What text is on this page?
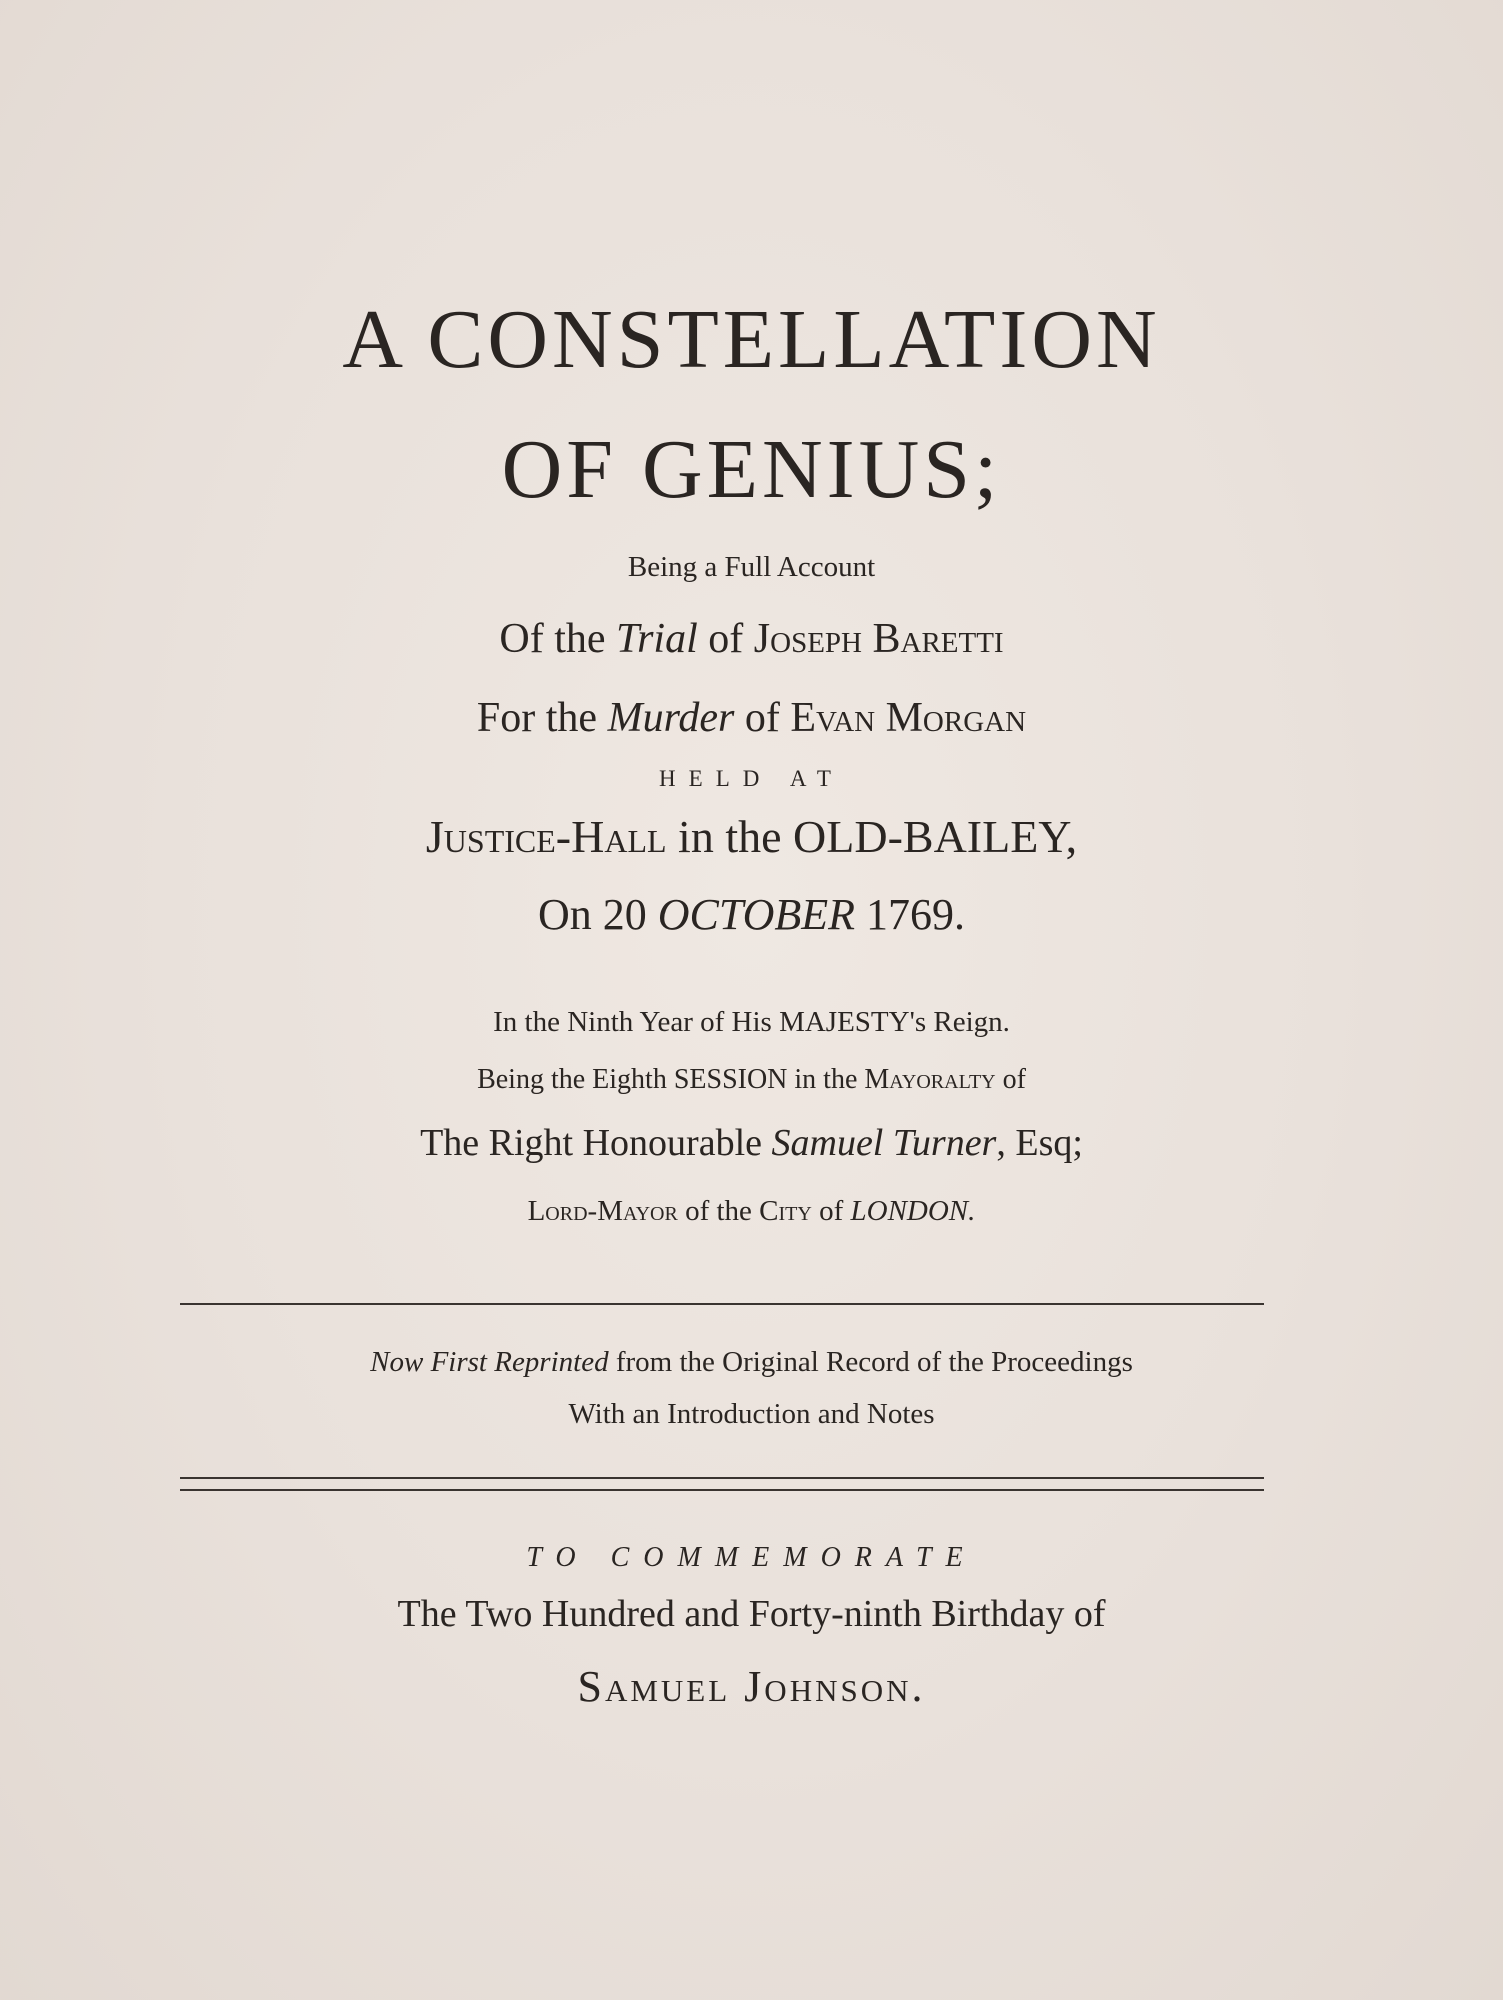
A CONSTELLATION
OF GENIUS;
Being a Full Account
Of the Trial of Joseph Baretti
For the Murder of Evan Morgan
HELD AT
Justice-Hall in the OLD-BAILEY,
On 20 OCTOBER 1769.
In the Ninth Year of His MAJESTY's Reign.
Being the Eighth SESSION in the Mayoralty of
The Right Honourable Samuel Turner, Esq;
Lord-Mayor of the City of LONDON.
Now First Reprinted from the Original Record of the Proceedings
With an Introduction and Notes
TO COMMEMORATE
The Two Hundred and Forty-ninth Birthday of
Samuel Johnson.
